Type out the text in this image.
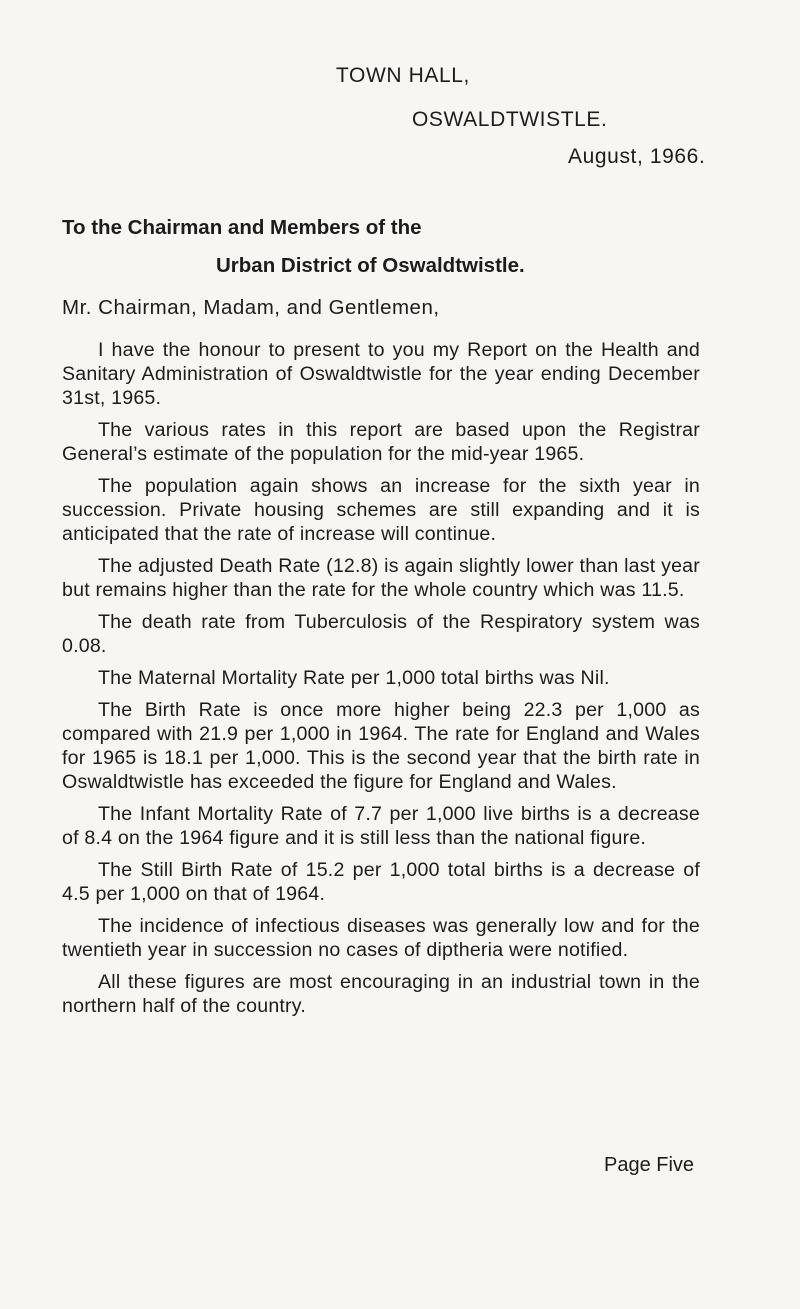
TOWN HALL,
OSWALDTWISTLE.
August, 1966.
To the Chairman and Members of the
Urban District of Oswaldtwistle.
Mr. Chairman, Madam, and Gentlemen,

I have the honour to present to you my Report on the Health and Sanitary Administration of Oswaldtwistle for the year ending December 31st, 1965.

The various rates in this report are based upon the Registrar General’s estimate of the population for the mid-year 1965.

The population again shows an increase for the sixth year in succession. Private housing schemes are still expanding and it is anticipated that the rate of increase will continue.

The adjusted Death Rate (12.8) is again slightly lower than last year but remains higher than the rate for the whole country which was 11.5.

The death rate from Tuberculosis of the Respiratory system was 0.08.

The Maternal Mortality Rate per 1,000 total births was Nil.

The Birth Rate is once more higher being 22.3 per 1,000 as compared with 21.9 per 1,000 in 1964. The rate for England and Wales for 1965 is 18.1 per 1,000. This is the second year that the birth rate in Oswaldtwistle has exceeded the figure for England and Wales.

The Infant Mortality Rate of 7.7 per 1,000 live births is a decrease of 8.4 on the 1964 figure and it is still less than the national figure.

The Still Birth Rate of 15.2 per 1,000 total births is a decrease of 4.5 per 1,000 on that of 1964.

The incidence of infectious diseases was generally low and for the twentieth year in succession no cases of diptheria were notified.

All these figures are most encouraging in an industrial town in the northern half of the country.

Page Five
